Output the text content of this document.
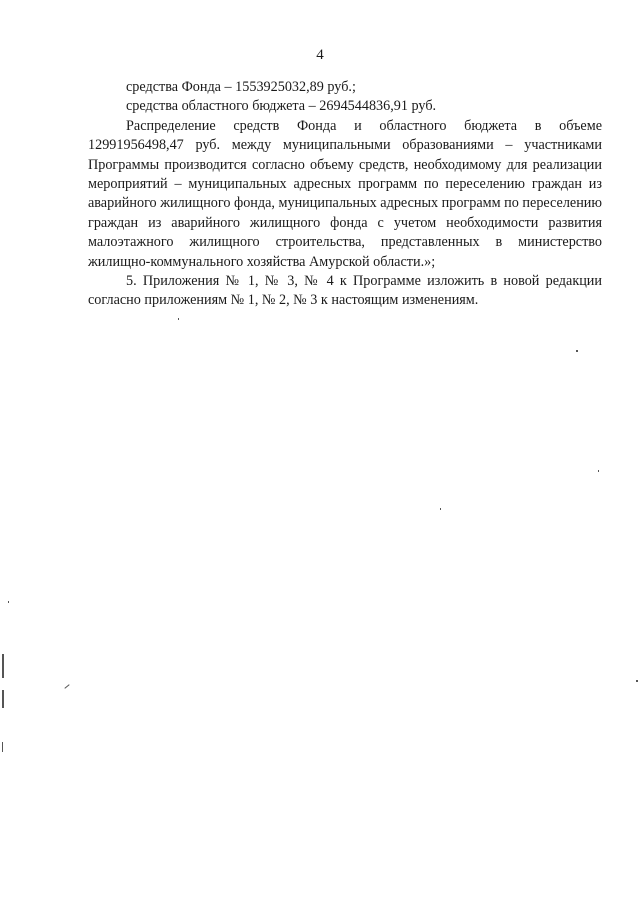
4

средства Фонда – 1553925032,89 руб.;

средства областного бюджета – 2694544836,91 руб.

Распределение средств Фонда и областного бюджета в объеме 12991956498,47 руб. между муниципальными образованиями – участниками Программы производится согласно объему средств, необходимому для реализации мероприятий – муниципальных адресных программ по переселению граждан из аварийного жилищного фонда, муниципальных адресных программ по переселению граждан из аварийного жилищного фонда с учетом необходимости развития малоэтажного жилищного строительства, представленных в министерство жилищно-коммунального хозяйства Амурской области.»;

5. Приложения № 1, № 3, № 4 к Программе изложить в новой редакции согласно приложениям № 1, № 2, № 3 к настоящим изменениям.
